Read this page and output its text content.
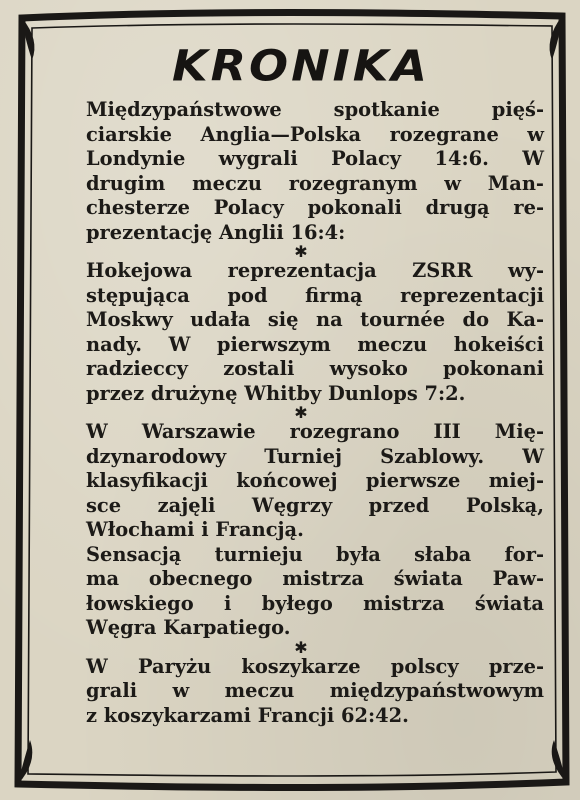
KRONIKA
Międzypaństwowe spotkanie pięś-
ciarskie Anglia—Polska rozegrane w
Londynie wygrali Polacy 14:6. W
drugim meczu rozegranym w Man-
chesterze Polacy pokonali drugą re-
prezentację Anglii 16:4:
✱
Hokejowa reprezentacja ZSRR wy-
stępująca pod firmą reprezentacji
Moskwy udała się na tournée do Ka-
nady. W pierwszym meczu hokeiści
radzieccy zostali wysoko pokonani
przez drużynę Whitby Dunlops 7:2.
✱
W Warszawie rozegrano III Mię-
dzynarodowy Turniej Szablowy. W
klasyfikacji końcowej pierwsze miej-
sce zajęli Węgrzy przed Polską,
Włochami i Francją.
Sensacją turnieju była słaba for-
ma obecnego mistrza świata Paw-
łowskiego i byłego mistrza świata
Węgra Karpatiego.
✱
W Paryżu koszykarze polscy prze-
grali w meczu międzypaństwowym
z koszykarzami Francji 62:42.
